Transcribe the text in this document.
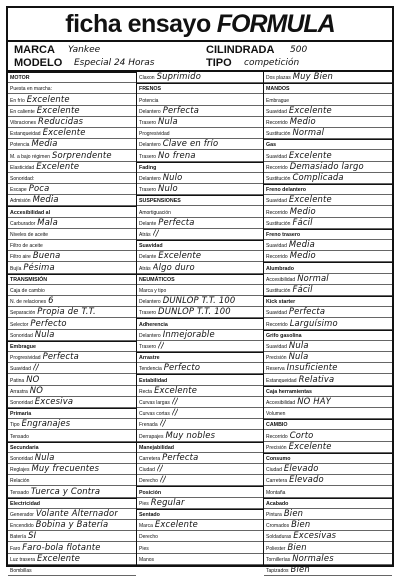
ficha ensayo FORMULA
MARCA Yankee
MODELO Especial 24 Horas
CILINDRADA 500
TIPO competición
MOTOR
Puesta en marcha:
En frío Excelente
En caliente Excelente
Vibraciones Reducidas
Estanqueidad Excelente
Potencia Media
M. a bajo régimen Sorprendente
Elasticidad Excelente
Sonoridad:
Escape Poca
Admisión Media
Accesibilidad al
Carburador Mala
Niveles de aceite
Filtro de aceite
Filtro aire Buena
Bujía Pésima
TRANSMISIÓN
Caja de cambio
N. de relaciones 6
Separación Propia de T.T.
Selector Perfecto
Sonoridad Nula
Embrague
Progresividad Perfecta
Suavidad //
Patina NO
Arrastra NO
Sonoridad Excesiva
Primaria
Tipo Engranajes
Tensado
Secundaria
Sonoridad Nula
Reglajes Muy frecuentes
Relación
Tensado Tuerca y Contra
Electricidad
Generador Volante Alternador
Encendido Bobina y Batería
Batería SI
Faro Faro-bola flotante
Luz trasera Excelente
Bombillas
Claxon Suprimido
FRENOS
Potencia
Delantero Perfecta
Trasero Nula
Progresividad
Delantero Clave en frío
Trasero No frena
Fading
Delantero Nulo
Trasero Nulo
SUSPENSIONES
Amortiguación
Delante Perfecta
Atrás //
Suavidad
Delante Excelente
Atrás Algo duro
NEUMÁTICOS
Marca y tipo
Delantero DUNLOP T.T. 100
Trasero DUNLOP T.T. 100
Adherencia
Delantero Inmejorable
Trasero //
Arrastre
Tendencia Perfecto
Estabilidad
Recta Excelente
Curvas largas //
Curvas cortas //
Frenada //
Derrapajes Muy nobles
Manejabilidad
Carretera Perfecta
Ciudad //
Derecho //
Posición
Pies Regular
Sentado
Marca Excelente
Derecho
Pies
Manos
Dos plazas Muy Bien
MANDOS
Embrague
Suavidad Excelente
Recorrido Medio
Sustitución Normal
Gas
Suavidad Excelente
Recorrido Demasiado largo
Sustitución Complicada
Freno delantero
Suavidad Excelente
Recorrido Medio
Sustitución Fácil
Freno trasero
Suavidad Media
Recorrido Medio
Alumbrado
Accesibilidad Normal
Sustitución Fácil
Kick starter
Suavidad Perfecta
Recorrido Larguísimo
Grifo gasolina
Suavidad Nula
Precisión Nula
Reserva Insuficiente
Estanqueidad Relativa
Caja herramientas
Accesibilidad NO HAY
Volumen
CAMBIO
Recorrido Corto
Precisión Excelente
Consumo
Ciudad Elevado
Carretera Elevado
Montaña
Acabado
Pintura Bien
Cromados Bien
Soldaduras Excesivas
Poliester Bien
Tornillerías Normales
Tapizados Bien
